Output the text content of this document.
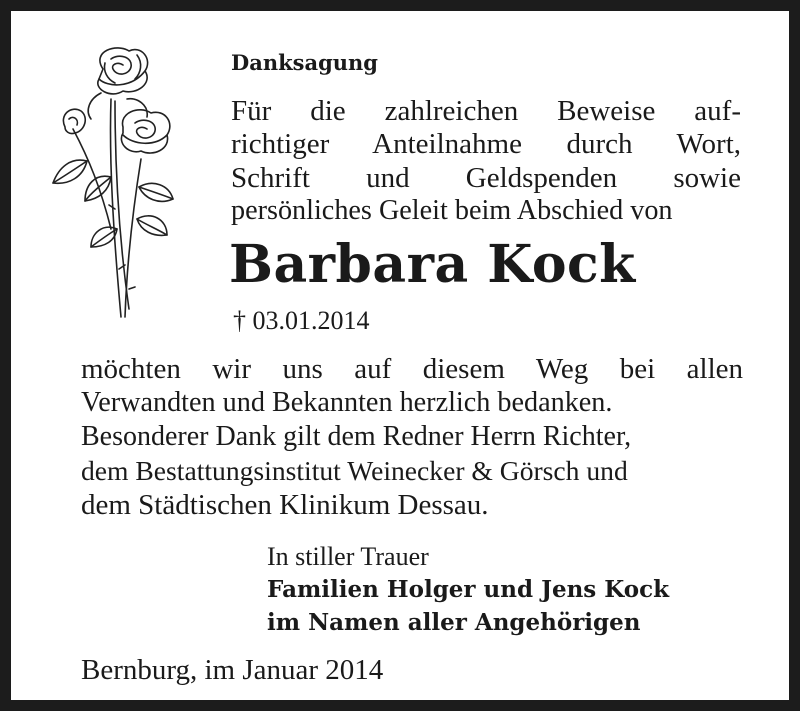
Danksagung
Für die zahlreichen Beweise auf-
richtiger Anteilnahme durch Wort,
Schrift und Geldspenden sowie
persönliches Geleit beim Abschied von
Barbara Kock
† 03.01.2014
möchten wir uns auf diesem Weg bei allen
Verwandten und Bekannten herzlich bedanken.
Besonderer Dank gilt dem Redner Herrn Richter,
dem Bestattungsinstitut Weinecker & Görsch und
dem Städtischen Klinikum Dessau.
In stiller Trauer
Familien Holger und Jens Kock
im Namen aller Angehörigen
Bernburg, im Januar 2014
